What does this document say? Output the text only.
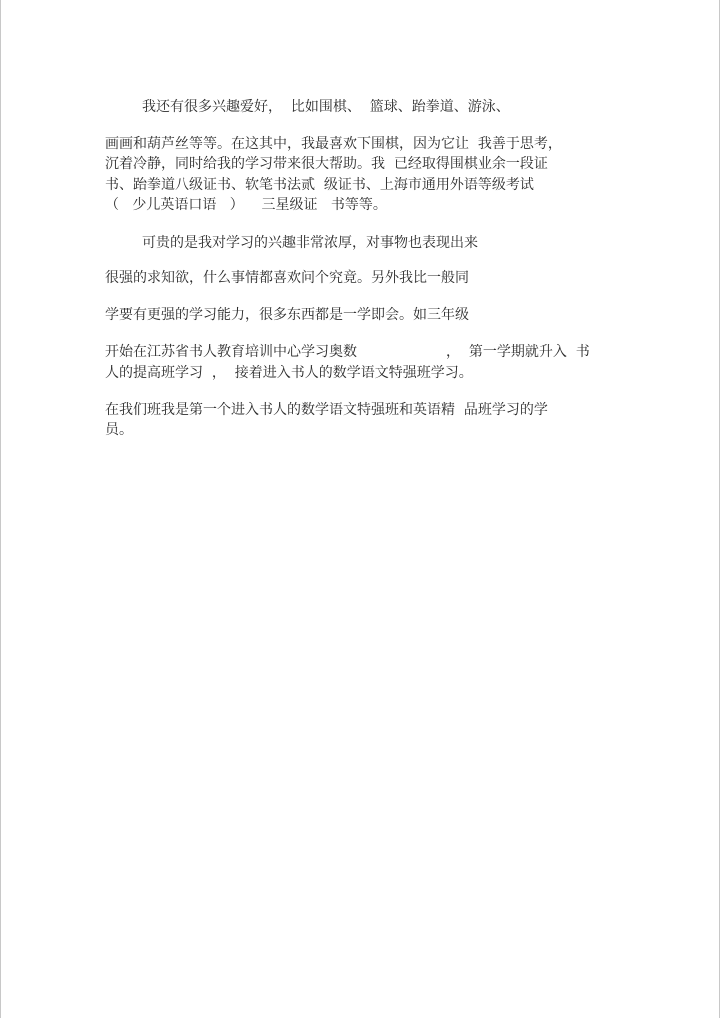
我还有很多兴趣爱好，  比如围棋、  篮球、跆拳道、游泳、
画画和葫芦丝等等。在这其中，我最喜欢下围棋，因为它让  我善于思考，
沉着冷静，同时给我的学习带来很大帮助。我  已经取得围棋业余一段证
书、跆拳道八级证书、软笔书法贰  级证书、上海市通用外语等级考试
（   少儿英语口语   ）    三星级证   书等等。
可贵的是我对学习的兴趣非常浓厚，对事物也表现出来
很强的求知欲，什么事情都喜欢问个究竟。另外我比一般同
学要有更强的学习能力，很多东西都是一学即会。如三年级
开始在江苏省书人教育培训中心学习奥数                    ，  第一学期就升入  书
人的提高班学习  ，  接着进入书人的数学语文特强班学习。
在我们班我是第一个进入书人的数学语文特强班和英语精  品班学习的学
员。
